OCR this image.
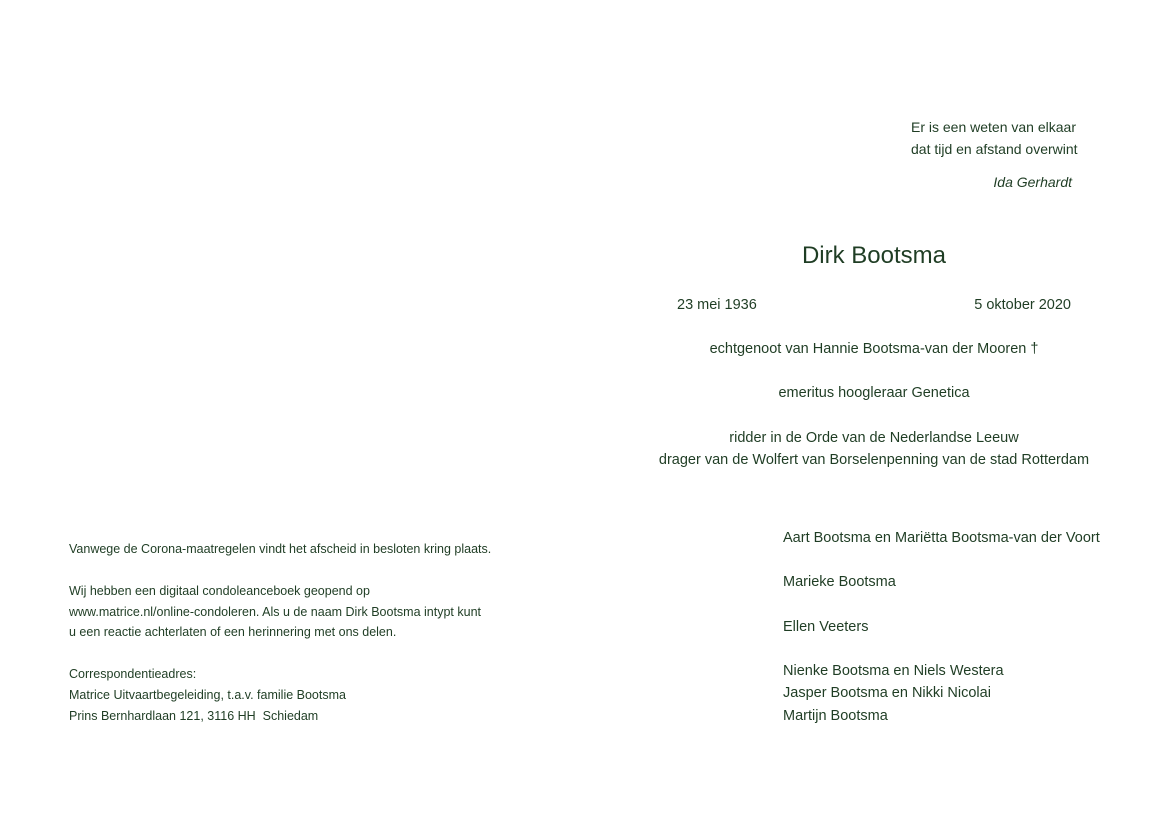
Er is een weten van elkaar
dat tijd en afstand overwint
Ida Gerhardt
Dirk Bootsma
23 mei 1936	5 oktober 2020
echtgenoot van Hannie Bootsma-van der Mooren †
emeritus hoogleraar Genetica
ridder in de Orde van de Nederlandse Leeuw
drager van de Wolfert van Borselenpenning van de stad Rotterdam
Aart Bootsma en Mariëtta Bootsma-van der Voort
Marieke Bootsma
Ellen Veeters
Nienke Bootsma en Niels Westera
Jasper Bootsma en Nikki Nicolai
Martijn Bootsma
Vanwege de Corona-maatregelen vindt het afscheid in besloten kring plaats.
Wij hebben een digitaal condoleanceboek geopend op
www.matrice.nl/online-condoleren. Als u de naam Dirk Bootsma intypt kunt
u een reactie achterlaten of een herinnering met ons delen.
Correspondentieadres:
Matrice Uitvaartbegeleiding, t.a.v. familie Bootsma
Prins Bernhardlaan 121, 3116 HH  Schiedam
